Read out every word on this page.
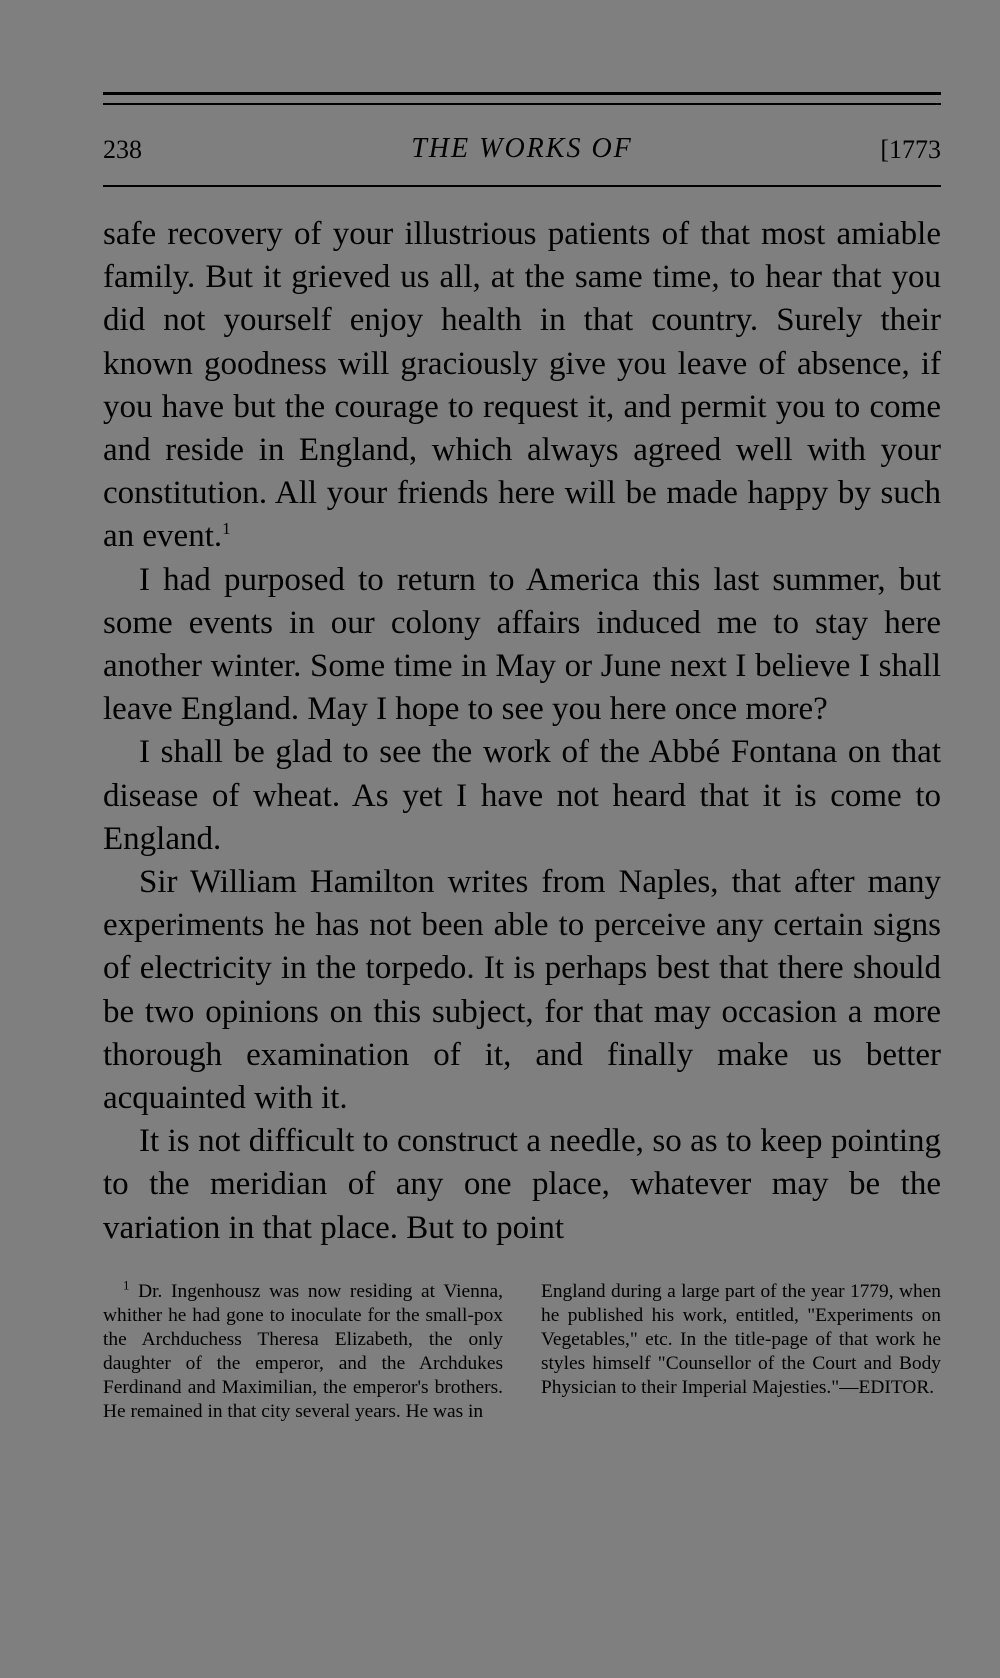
238	THE WORKS OF	[1773

safe recovery of your illustrious patients of that most amiable family. But it grieved us all, at the same time, to hear that you did not yourself enjoy health in that country. Surely their known goodness will graciously give you leave of absence, if you have but the courage to request it, and permit you to come and reside in England, which always agreed well with your constitution. All your friends here will be made happy by such an event.$^1$

I had purposed to return to America this last summer, but some events in our colony affairs induced me to stay here another winter. Some time in May or June next I believe I shall leave England. May I hope to see you here once more?

I shall be glad to see the work of the Abbé Fontana on that disease of wheat. As yet I have not heard that it is come to England.

Sir William Hamilton writes from Naples, that after many experiments he has not been able to perceive any certain signs of electricity in the torpedo. It is perhaps best that there should be two opinions on this subject, for that may occasion a more thorough examination of it, and finally make us better acquainted with it.

It is not difficult to construct a needle, so as to keep pointing to the meridian of any one place, whatever may be the variation in that place. But to point

$^1$ Dr. Ingenhousz was now residing at Vienna, whither he had gone to inoculate for the small-pox the Archduchess Theresa Elizabeth, the only daughter of the emperor, and the Archdukes Ferdinand and Maximilian, the emperor's brothers. He remained in that city several years. He was in

England during a large part of the year 1779, when he published his work, entitled, "Experiments on Vegetables," etc. In the title-page of that work he styles himself "Counsellor of the Court and Body Physician to their Imperial Majesties."—EDITOR.
